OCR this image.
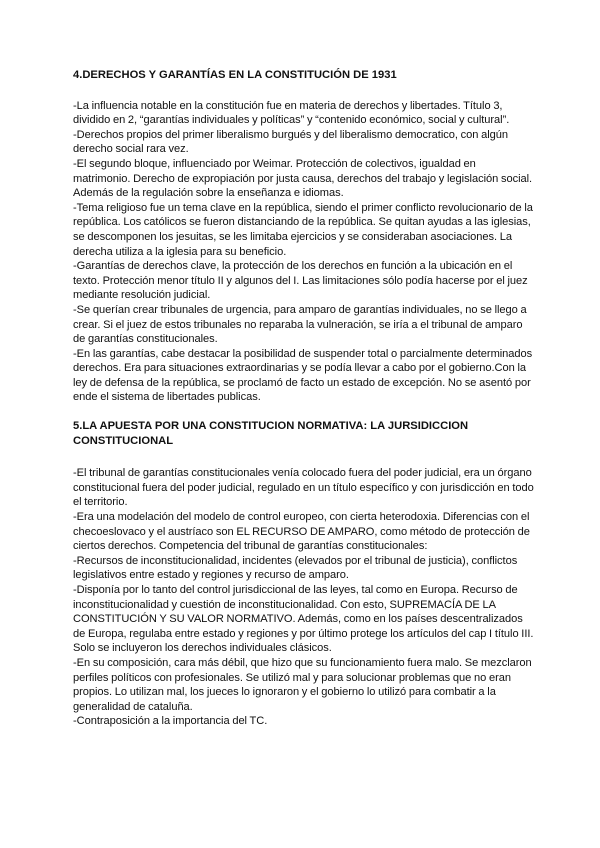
4.DERECHOS Y GARANTÍAS EN LA CONSTITUCIÓN DE 1931

-La influencia notable en la constitución fue en materia de derechos y libertades. Título 3, dividido en 2, “garantías individuales y políticas” y “contenido económico, social y cultural”.

-Derechos propios del primer liberalismo burgués y del liberalismo democratico, con algún derecho social rara vez.

-El segundo bloque, influenciado por Weimar. Protección de colectivos, igualdad en matrimonio. Derecho de expropiación por justa causa, derechos del trabajo y legislación social. Además de la regulación sobre la enseñanza e idiomas.

-Tema religioso fue un tema clave en la república, siendo el primer conflicto revolucionario de la república. Los católicos se fueron distanciando de la república. Se quitan ayudas a las iglesias, se descomponen los jesuitas, se les limitaba ejercicios y se consideraban asociaciones. La derecha utiliza a la iglesia para su beneficio.

-Garantías de derechos clave, la protección de los derechos en función a la ubicación en el texto. Protección menor título II y algunos del I. Las limitaciones sólo podía hacerse por el juez mediante resolución judicial.

-Se querían crear tribunales de urgencia, para amparo de garantías individuales, no se llego a crear. Si el juez de estos tribunales no reparaba la vulneración, se iría a el tribunal de amparo de garantías constitucionales.

-En las garantías, cabe destacar la posibilidad de suspender total o parcialmente determinados derechos. Era para situaciones extraordinarias y se podía llevar a cabo por el gobierno.Con la ley de defensa de la república, se proclamó de facto un estado de excepción. No se asentó por ende el sistema de libertades publicas.

5.LA APUESTA POR UNA CONSTITUCION NORMATIVA: LA JURSIDICCION CONSTITUCIONAL

-El tribunal de garantías constitucionales venía colocado fuera del poder judicial, era un órgano constitucional fuera del poder judicial, regulado en un título específico y con jurisdicción en todo el territorio.

-Era una modelación del modelo de control europeo, con cierta heterodoxia. Diferencias con el checoeslovaco y el austríaco son EL RECURSO DE AMPARO, como método de protección de ciertos derechos. Competencia del tribunal de garantías constitucionales:

-Recursos de inconstitucionalidad, incidentes (elevados por el tribunal de justicia), conflictos legislativos entre estado y regiones y recurso de amparo.

-Disponía por lo tanto del control jurisdiccional de las leyes, tal como en Europa. Recurso de inconstitucionalidad y cuestión de inconstitucionalidad. Con esto, SUPREMACÍA DE LA CONSTITUCIÓN Y SU VALOR NORMATIVO. Además, como en los países descentralizados de Europa, regulaba entre estado y regiones y por último protege los artículos del cap I título III. Solo se incluyeron los derechos individuales clásicos.

-En su composición, cara más débil, que hizo que su funcionamiento fuera malo. Se mezclaron perfiles políticos con profesionales. Se utilizó mal y para solucionar problemas que no eran propios. Lo utilizan mal, los jueces lo ignoraron y el gobierno lo utilizó para combatir a la generalidad de cataluña.

-Contraposición a la importancia del TC.
